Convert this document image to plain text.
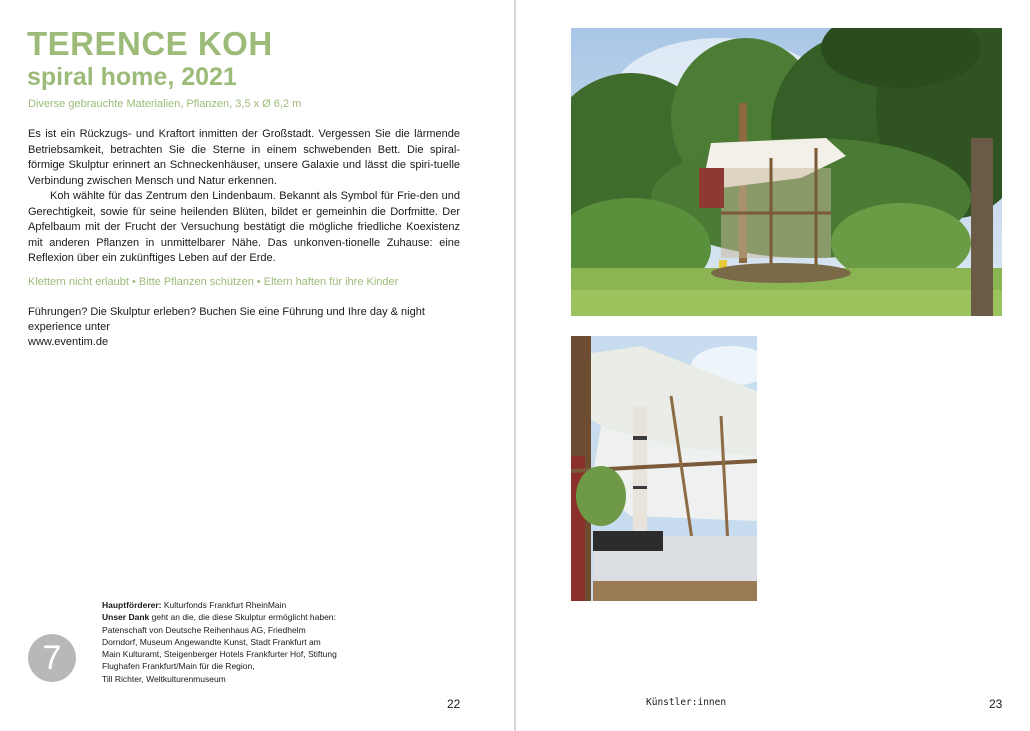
TERENCE KOH
spiral home, 2021
Diverse gebrauchte Materialien, Pflanzen, 3,5 x Ø 6,2 m

Es ist ein Rückzugs- und Kraftort inmitten der Großstadt. Vergessen Sie die lärmende Betriebsamkeit, betrachten Sie die Sterne in einem schwebenden Bett. Die spiral-förmige Skulptur erinnert an Schneckenhäuser, unsere Galaxie und lässt die spiri-tuelle Verbindung zwischen Mensch und Natur erkennen.

Koh wählte für das Zentrum den Lindenbaum. Bekannt als Symbol für Frie-den und Gerechtigkeit, sowie für seine heilenden Blüten, bildet er gemeinhin die Dorfmitte. Der Apfelbaum mit der Frucht der Versuchung bestätigt die mögliche friedliche Koexistenz mit anderen Pflanzen in unmittelbarer Nähe. Das unkonven-tionelle Zuhause: eine Reflexion über ein zukünftiges Leben auf der Erde.

Klettern nicht erlaubt • Bitte Pflanzen schützen • Eltern haften für ihre Kinder
Führungen? Die Skulptur erleben? Buchen Sie eine Führung und Ihre day & night experience unter
www.eventim.de
7
Hauptförderer: Kulturfonds Frankfurt RheinMain
Unser Dank geht an die, die diese Skulptur ermöglicht haben:
Patenschaft von Deutsche Reihenhaus AG, Friedhelm
Dorndorf, Museum Angewandte Kunst, Stadt Frankfurt am
Main Kulturamt, Steigenberger Hotels Frankfurter Hof, Stiftung
Flughafen Frankfurt/Main für die Region,
Till Richter, Weltkulturenmuseum
22	Künstler:innen	23
